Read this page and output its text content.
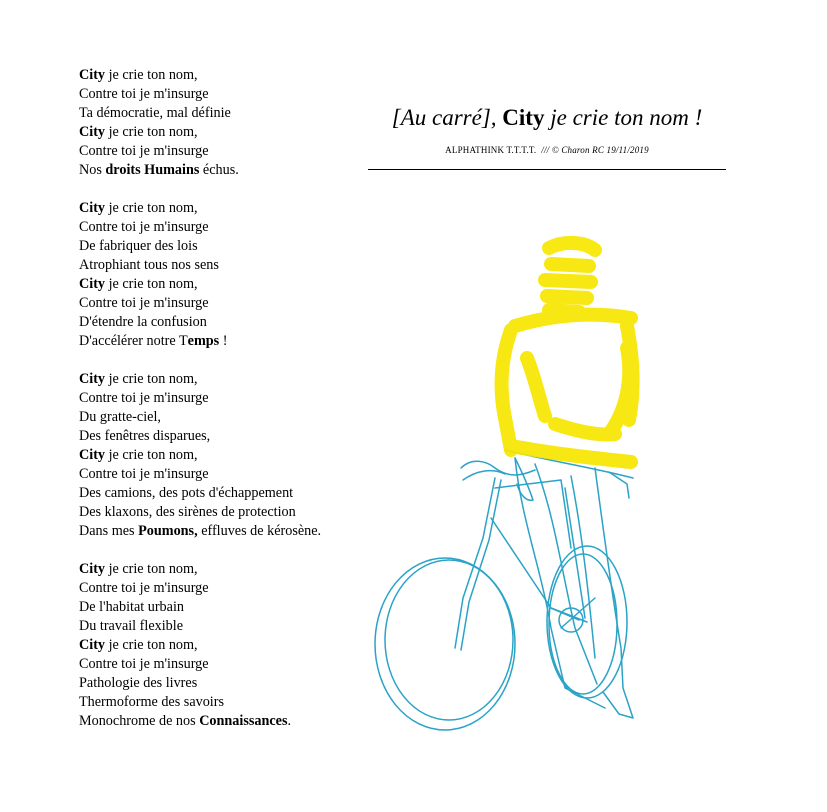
City je crie ton nom,
Contre toi je m'insurge
Ta démocratie, mal définie
City je crie ton nom,
Contre toi je m'insurge
Nos droits Humains échus.
City je crie ton nom,
Contre toi je m'insurge
De fabriquer des lois
Atrophiant tous nos sens
City je crie ton nom,
Contre toi je m'insurge
D'étendre la confusion
D'accélérer notre Temps !
City je crie ton nom,
Contre toi je m'insurge
Du gratte-ciel,
Des fenêtres disparues,
City je crie ton nom,
Contre toi je m'insurge
Des camions, des pots d'échappement
Des klaxons, des sirènes de protection
Dans mes Poumons, effluves de kérosène.
City je crie ton nom,
Contre toi je m'insurge
De l'habitat urbain
Du travail flexible
City je crie ton nom,
Contre toi je m'insurge
Pathologie des livres
Thermoforme des savoirs
Monochrome de nos Connaissances.
[Au carré], City je crie ton nom !
ALPHATHINK T.T.T.T. /// © Charon RC 19/11/2019
